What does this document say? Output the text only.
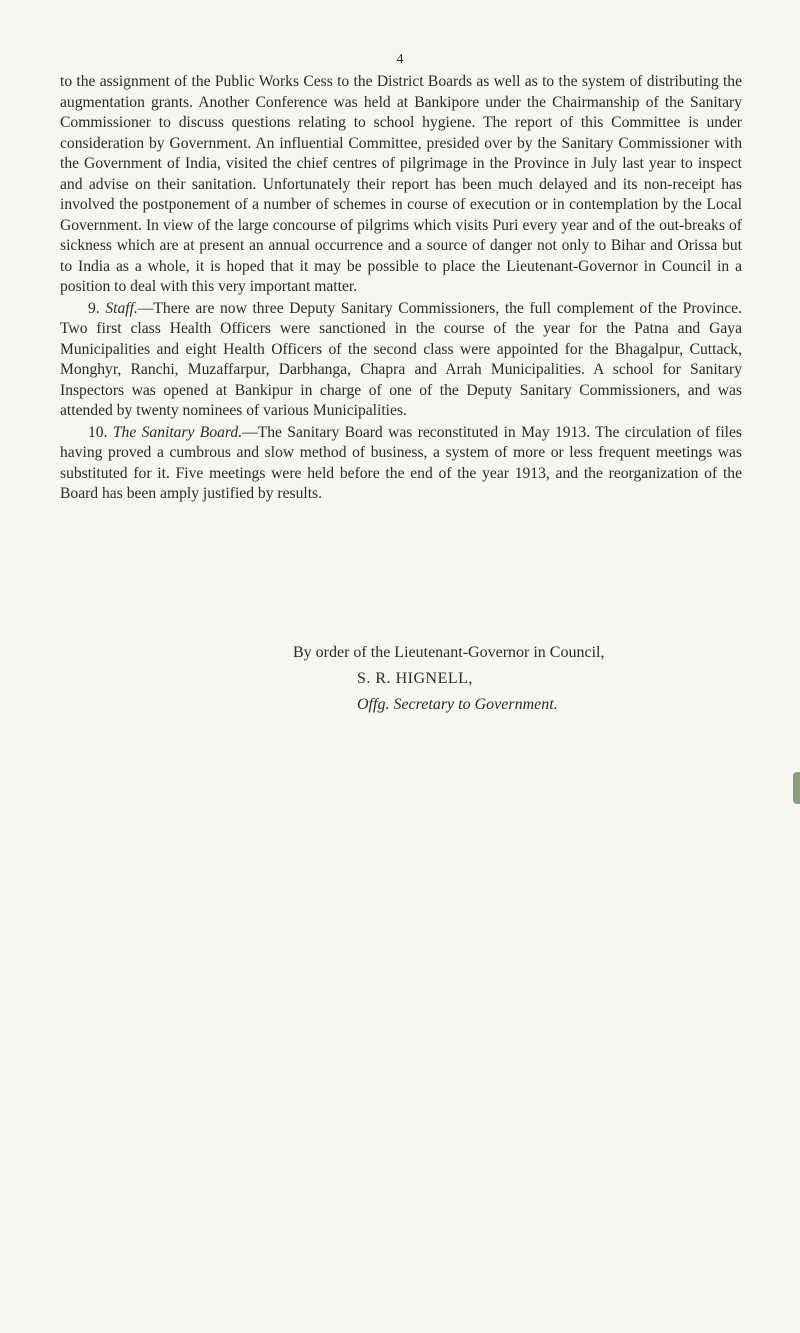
4

to the assignment of the Public Works Cess to the District Boards as well as to the system of distributing the augmentation grants. Another Conference was held at Bankipore under the Chairmanship of the Sanitary Commissioner to discuss questions relating to school hygiene. The report of this Committee is under consideration by Government. An influential Committee, presided over by the Sanitary Commissioner with the Government of India, visited the chief centres of pilgrimage in the Province in July last year to inspect and advise on their sanitation. Unfortunately their report has been much delayed and its non-receipt has involved the postponement of a number of schemes in course of execution or in contemplation by the Local Government. In view of the large concourse of pilgrims which visits Puri every year and of the out-breaks of sickness which are at present an annual occurrence and a source of danger not only to Bihar and Orissa but to India as a whole, it is hoped that it may be possible to place the Lieutenant-Governor in Council in a position to deal with this very important matter.

9. Staff.—There are now three Deputy Sanitary Commissioners, the full complement of the Province. Two first class Health Officers were sanctioned in the course of the year for the Patna and Gaya Municipalities and eight Health Officers of the second class were appointed for the Bhagalpur, Cuttack, Monghyr, Ranchi, Muzaffarpur, Darbhanga, Chapra and Arrah Municipalities. A school for Sanitary Inspectors was opened at Bankipur in charge of one of the Deputy Sanitary Commissioners, and was attended by twenty nominees of various Municipalities.

10. The Sanitary Board.—The Sanitary Board was reconstituted in May 1913. The circulation of files having proved a cumbrous and slow method of business, a system of more or less frequent meetings was substituted for it. Five meetings were held before the end of the year 1913, and the reorganization of the Board has been amply justified by results.

By order of the Lieutenant-Governor in Council,
S. R. HIGNELL,
Offg. Secretary to Government.
